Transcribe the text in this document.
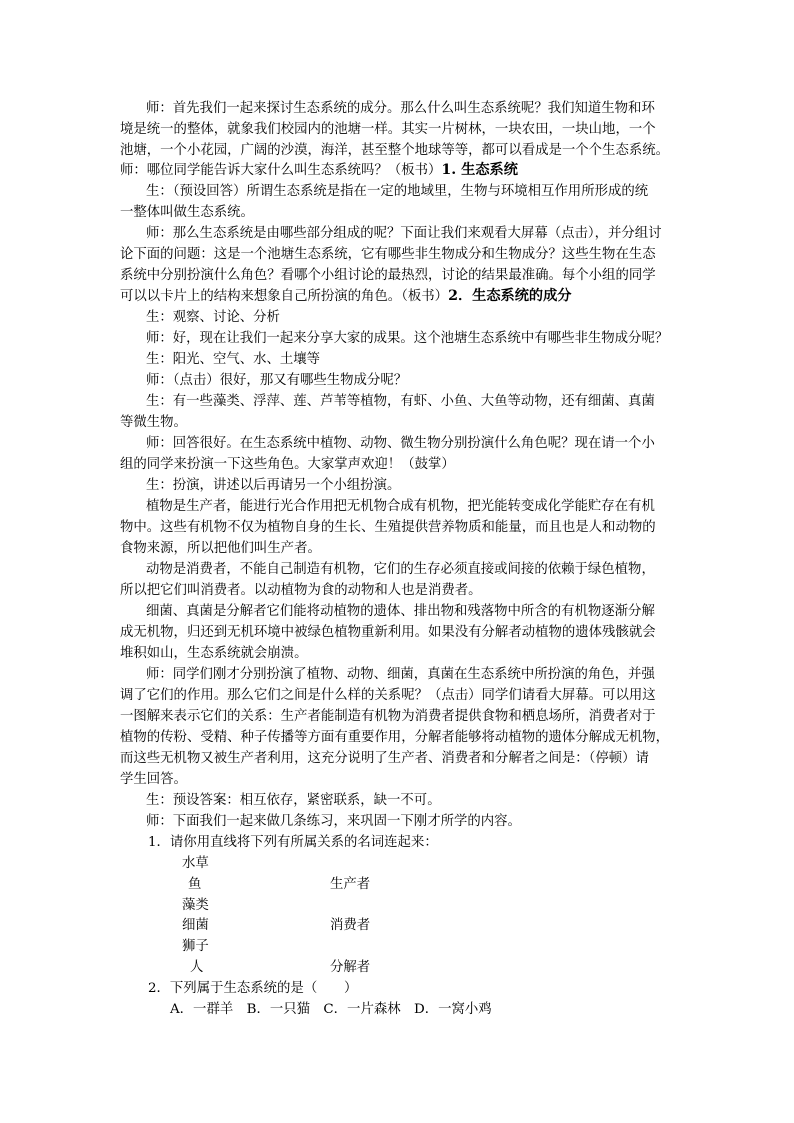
师：首先我们一起来探讨生态系统的成分。那么什么叫生态系统呢？我们知道生物和环
境是统一的整体，就象我们校园内的池塘一样。其实一片树林，一块农田，一块山地，一个
池塘，一个小花园，广阔的沙漠，海洋，甚至整个地球等等，都可以看成是一个个生态系统。
师：哪位同学能告诉大家什么叫生态系统吗？（板书）1. 生态系统
生：（预设回答）所谓生态系统是指在一定的地域里，生物与环境相互作用所形成的统
一整体叫做生态系统。
师：那么生态系统是由哪些部分组成的呢？下面让我们来观看大屏幕（点击），并分组讨
论下面的问题：这是一个池塘生态系统，它有哪些非生物成分和生物成分？这些生物在生态
系统中分别扮演什么角色？看哪个小组讨论的最热烈，讨论的结果最准确。每个小组的同学
可以以卡片上的结构来想象自己所扮演的角色。（板书）2．生态系统的成分
生：观察、讨论、分析
师：好，现在让我们一起来分享大家的成果。这个池塘生态系统中有哪些非生物成分呢？
生：阳光、空气、水、土壤等
师：（点击）很好，那又有哪些生物成分呢？
生：有一些藻类、浮萍、莲、芦苇等植物，有虾、小鱼、大鱼等动物，还有细菌、真菌
等微生物。
师：回答很好。在生态系统中植物、动物、微生物分别扮演什么角色呢？现在请一个小
组的同学来扮演一下这些角色。大家掌声欢迎！（鼓掌）
生：扮演，讲述以后再请另一个小组扮演。
植物是生产者，能进行光合作用把无机物合成有机物，把光能转变成化学能贮存在有机
物中。这些有机物不仅为植物自身的生长、生殖提供营养物质和能量，而且也是人和动物的
食物来源，所以把他们叫生产者。
动物是消费者，不能自己制造有机物，它们的生存必须直接或间接的依赖于绿色植物，
所以把它们叫消费者。以动植物为食的动物和人也是消费者。
细菌、真菌是分解者它们能将动植物的遗体、排出物和残落物中所含的有机物逐渐分解
成无机物，归还到无机环境中被绿色植物重新利用。如果没有分解者动植物的遗体残骸就会
堆积如山，生态系统就会崩溃。
师：同学们刚才分别扮演了植物、动物、细菌，真菌在生态系统中所扮演的角色，并强
调了它们的作用。那么它们之间是什么样的关系呢？（点击）同学们请看大屏幕。可以用这
一图解来表示它们的关系：生产者能制造有机物为消费者提供食物和栖息场所，消费者对于
植物的传粉、受精、种子传播等方面有重要作用，分解者能够将动植物的遗体分解成无机物，
而这些无机物又被生产者利用，这充分说明了生产者、消费者和分解者之间是：（停顿）请
学生回答。
生：预设答案：相互依存，紧密联系，缺一不可。
师：下面我们一起来做几条练习，来巩固一下刚才所学的内容。
1．请你用直线将下列有所属关系的名词连起来：
水草
鱼	生产者
藻类
细菌	消费者
狮子
人	分解者
2．下列属于生态系统的是（　　）
A．一群羊　B．一只猫　C．一片森林　D．一窝小鸡
